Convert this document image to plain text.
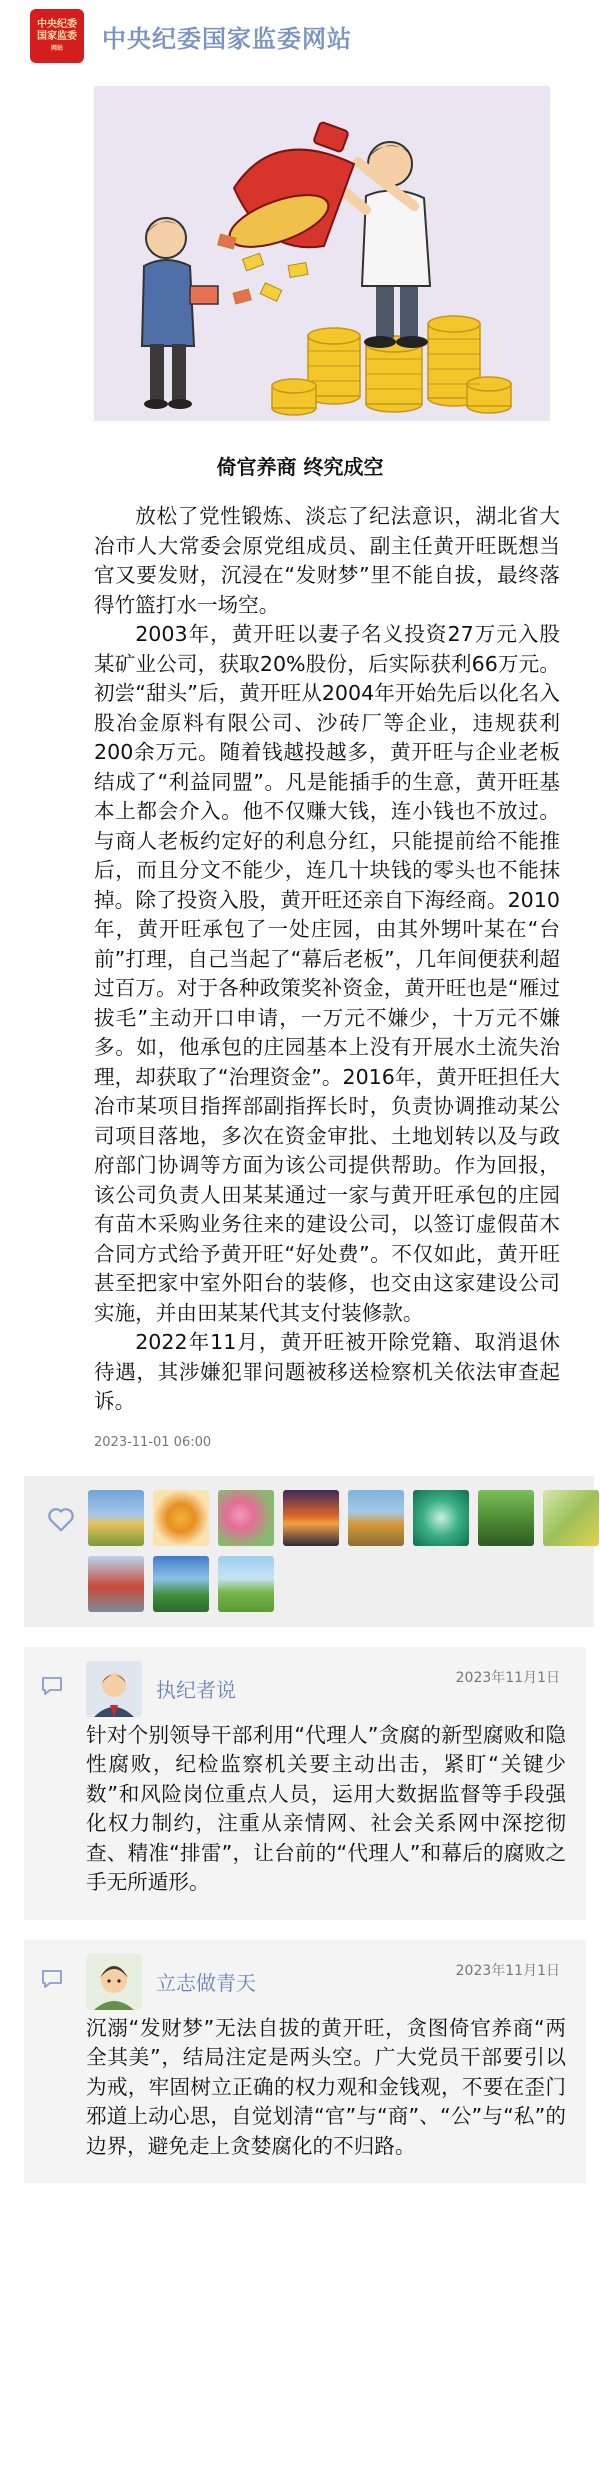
中央纪委
国家监委
网站 中央纪委国家监委网站
倚官养商 终究成空

放松了党性锻炼、淡忘了纪法意识，湖北省大冶市人大常委会原党组成员、副主任黄开旺既想当官又要发财，沉浸在“发财梦”里不能自拔，最终落得竹篮打水一场空。

2003年，黄开旺以妻子名义投资27万元入股某矿业公司，获取20%股份，后实际获利66万元。初尝“甜头”后，黄开旺从2004年开始先后以化名入股冶金原料有限公司、沙砖厂等企业，违规获利200余万元。随着钱越投越多，黄开旺与企业老板结成了“利益同盟”。凡是能插手的生意，黄开旺基本上都会介入。他不仅赚大钱，连小钱也不放过。与商人老板约定好的利息分红，只能提前给不能推后，而且分文不能少，连几十块钱的零头也不能抹掉。除了投资入股，黄开旺还亲自下海经商。2010年，黄开旺承包了一处庄园，由其外甥叶某在“台前”打理，自己当起了“幕后老板”，几年间便获利超过百万。对于各种政策奖补资金，黄开旺也是“雁过拔毛”主动开口申请，一万元不嫌少，十万元不嫌多。如，他承包的庄园基本上没有开展水土流失治理，却获取了“治理资金”。2016年，黄开旺担任大冶市某项目指挥部副指挥长时，负责协调推动某公司项目落地，多次在资金审批、土地划转以及与政府部门协调等方面为该公司提供帮助。作为回报，该公司负责人田某某通过一家与黄开旺承包的庄园有苗木采购业务往来的建设公司，以签订虚假苗木合同方式给予黄开旺“好处费”。不仅如此，黄开旺甚至把家中室外阳台的装修，也交由这家建设公司实施，并由田某某代其支付装修款。

2022年11月，黄开旺被开除党籍、取消退休待遇，其涉嫌犯罪问题被移送检察机关依法审查起诉。

2023-11-01 06:00
执纪者说
2023年11月1日
针对个别领导干部利用“代理人”贪腐的新型腐败和隐性腐败，纪检监察机关要主动出击，紧盯“关键少数”和风险岗位重点人员，运用大数据监督等手段强化权力制约，注重从亲情网、社会关系网中深挖彻查、精准“排雷”，让台前的“代理人”和幕后的腐败之手无所遁形。
立志做青天
2023年11月1日
沉溺“发财梦”无法自拔的黄开旺，贪图倚官养商“两全其美”，结局注定是两头空。广大党员干部要引以为戒，牢固树立正确的权力观和金钱观，不要在歪门邪道上动心思，自觉划清“官”与“商”、“公”与“私”的边界，避免走上贪婪腐化的不归路。
